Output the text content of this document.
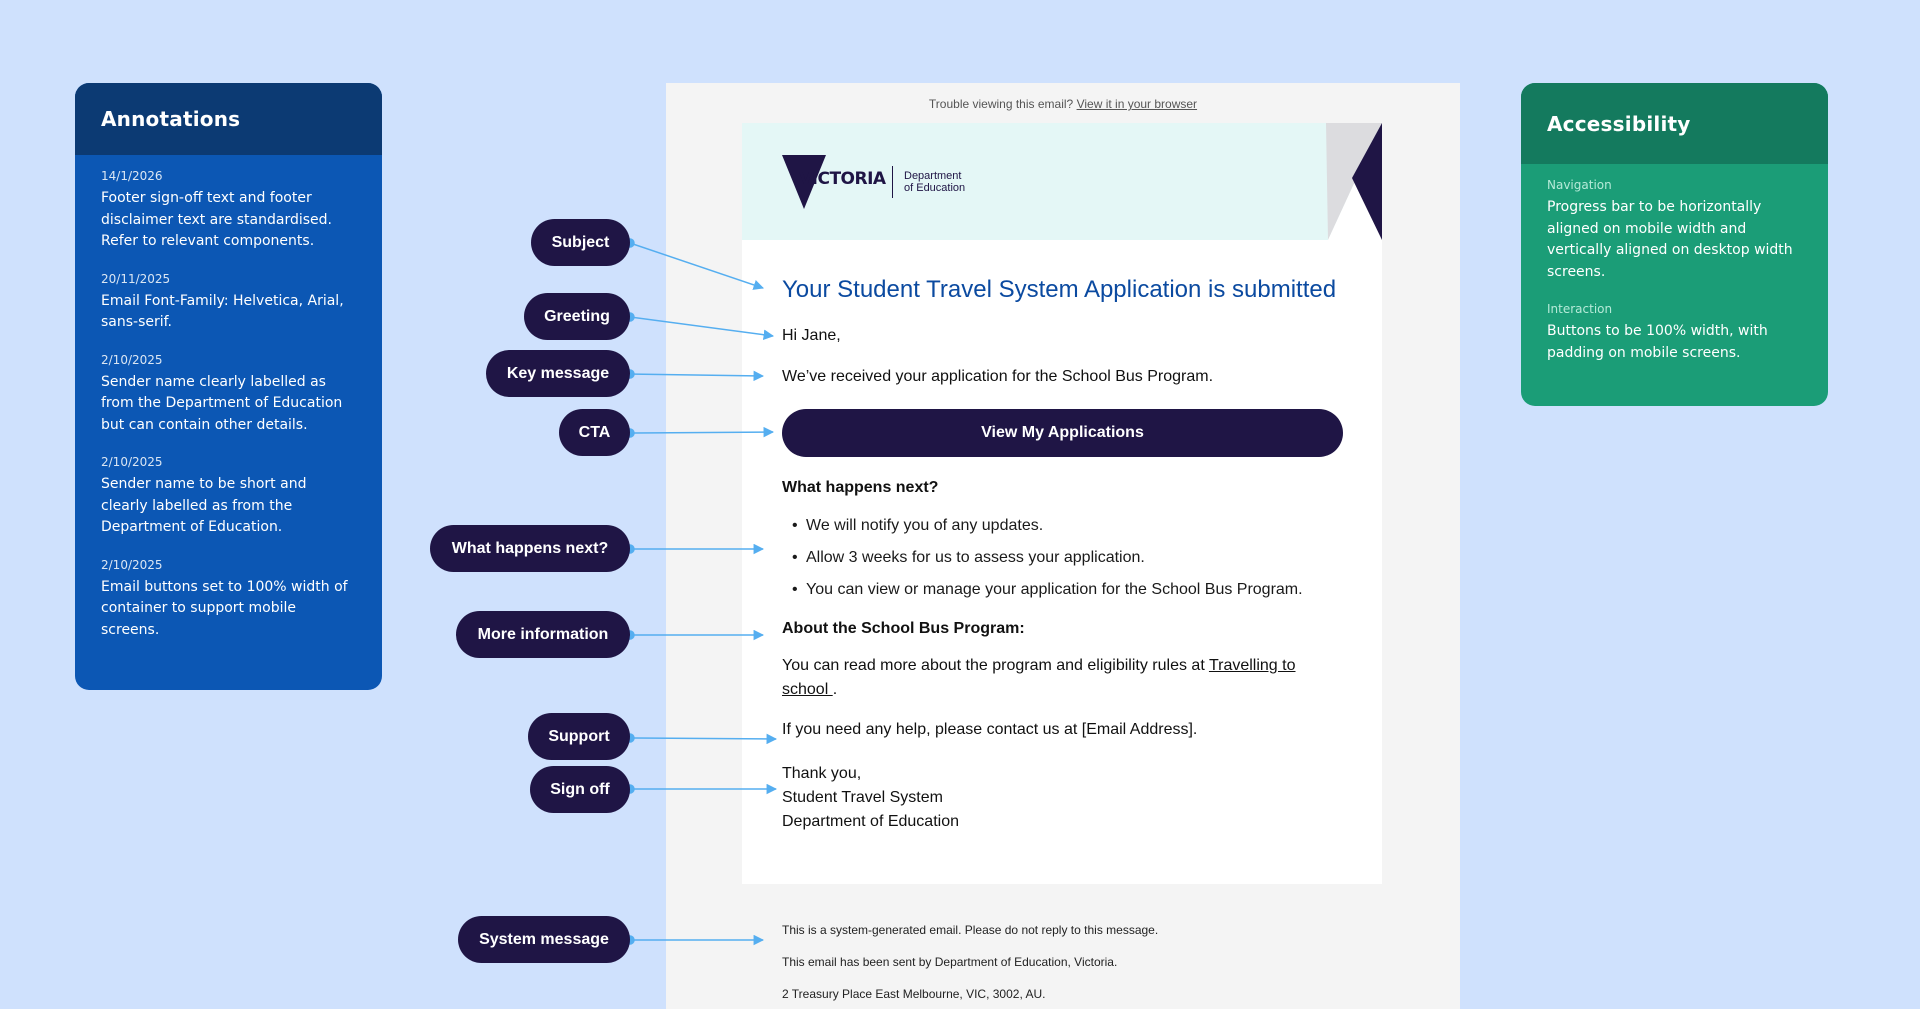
Annotations
14/1/2026
Footer sign-off text and footer disclaimer text are standardised. Refer to relevant components.
20/11/2025
Email Font-Family: Helvetica, Arial, sans-serif.
2/10/2025
Sender name clearly labelled as from the Department of Education but can contain other details.
2/10/2025
Sender name to be short and clearly labelled as from the Department of Education.
2/10/2025
Email buttons set to 100% width of container to support mobile screens.
Accessibility
Navigation
Progress bar to be horizontally aligned on mobile width and vertically aligned on desktop width screens.
Interaction
Buttons to be 100% width, with padding on mobile screens.
Trouble viewing this email? View it in your browser
VICTORIA Department
of Education
Your Student Travel System Application is submitted
Hi Jane,
We’ve received your application for the School Bus Program.
View My Applications
What happens next?
• We will notify you of any updates.
• Allow 3 weeks for us to assess your application.
• You can view or manage your application for the School Bus Program.
About the School Bus Program:
You can read more about the program and eligibility rules at Travelling to school .
If you need any help, please contact us at [Email Address].
Thank you,
Student Travel System
Department of Education
This is a system-generated email. Please do not reply to this message.
This email has been sent by Department of Education, Victoria.
2 Treasury Place East Melbourne, VIC, 3002, AU.
Subject
Greeting
Key message
CTA
What happens next?
More information
Support
Sign off
System message
